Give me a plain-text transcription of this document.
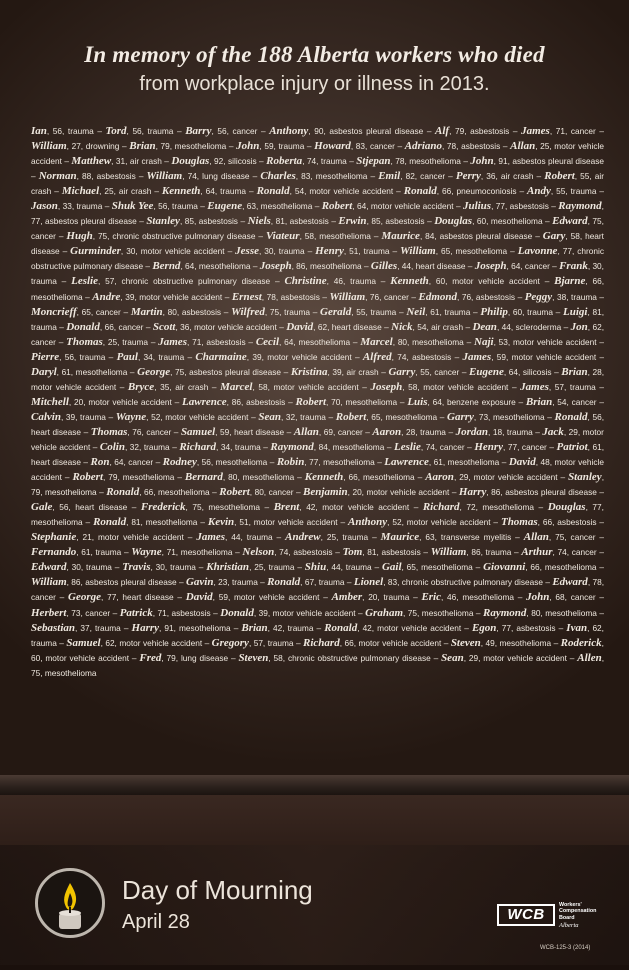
In memory of the 188 Alberta workers who died
from workplace injury or illness in 2013.
Ian, 56, trauma – Tord, 56, trauma – Barry, 56, cancer – Anthony, 90, asbestos pleural disease – Alf, 79, asbestosis – James, 71, cancer – William, 27, drowning – Brian, 79, mesothelioma – John, 59, trauma – Howard, 83, cancer – Adriano, 78, asbestosis – Allan, 25, motor vehicle accident – Matthew, 31, air crash – Douglas, 92, silicosis – Roberta, 74, trauma – Stjepan, 78, mesothelioma – John, 91, asbestos pleural disease – Norman, 88, asbestosis – William, 74, lung disease – Charles, 83, mesothelioma – Emil, 82, cancer – Perry, 36, air crash – Robert, 55, air crash – Michael, 25, air crash – Kenneth, 64, trauma – Ronald, 54, motor vehicle accident – Ronald, 66, pneumoconiosis – Andy, 55, trauma – Jason, 33, trauma – Shuk Yee, 56, trauma – Eugene, 63, mesothelioma – Robert, 64, motor vehicle accident – Julius, 77, asbestosis – Raymond, 77, asbestos pleural disease – Stanley, 85, asbestosis – Niels, 81, asbestosis – Erwin, 85, asbestosis – Douglas, 60, mesothelioma – Edward, 75, cancer – Hugh, 75, chronic obstructive pulmonary disease – Viateur, 58, mesothelioma – Maurice, 84, asbestos pleural disease – Gary, 58, heart disease – Gurminder, 30, motor vehicle accident – Jesse, 30, trauma – Henry, 51, trauma – William, 65, mesothelioma – Lavonne, 77, chronic obstructive pulmonary disease – Bernd, 64, mesothelioma – Joseph, 86, mesothelioma – Gilles, 44, heart disease – Joseph, 64, cancer – Frank, 30, trauma – Leslie, 57, chronic obstructive pulmonary disease – Christine, 46, trauma – Kenneth, 60, motor vehicle accident – Bjarne, 66, mesothelioma – Andre, 39, motor vehicle accident – Ernest, 78, asbestosis – William, 76, cancer – Edmond, 76, asbestosis – Peggy, 38, trauma – Moncrieff, 65, cancer – Martin, 80, asbestosis – Wilfred, 75, trauma – Gerald, 55, trauma – Neil, 61, trauma – Philip, 60, trauma – Luigi, 81, trauma – Donald, 66, cancer – Scott, 36, motor vehicle accident – David, 62, heart disease – Nick, 54, air crash – Dean, 44, scleroderma – Jon, 62, cancer – Thomas, 25, trauma – James, 71, asbestosis – Cecil, 64, mesothelioma – Marcel, 80, mesothelioma – Naji, 53, motor vehicle accident – Pierre, 56, trauma – Paul, 34, trauma – Charmaine, 39, motor vehicle accident – Alfred, 74, asbestosis – James, 59, motor vehicle accident – Daryl, 61, mesothelioma – George, 75, asbestos pleural disease – Kristina, 39, air crash – Garry, 55, cancer – Eugene, 64, silicosis – Brian, 28, motor vehicle accident – Bryce, 35, air crash – Marcel, 58, motor vehicle accident – Joseph, 58, motor vehicle accident – James, 57, trauma – Mitchell, 20, motor vehicle accident – Lawrence, 86, asbestosis – Robert, 70, mesothelioma – Luis, 64, benzene exposure – Brian, 54, cancer – Calvin, 39, trauma – Wayne, 52, motor vehicle accident – Sean, 32, trauma – Robert, 65, mesothelioma – Garry, 73, mesothelioma – Ronald, 56, heart disease – Thomas, 76, cancer – Samuel, 59, heart disease – Allan, 69, cancer – Aaron, 28, trauma – Jordan, 18, trauma – Jack, 29, motor vehicle accident – Colin, 32, trauma – Richard, 34, trauma – Raymond, 84, mesothelioma – Leslie, 74, cancer – Henry, 77, cancer – Patriot, 61, heart disease – Ron, 64, cancer – Rodney, 56, mesothelioma – Robin, 77, mesothelioma – Lawrence, 61, mesothelioma – David, 48, motor vehicle accident – Robert, 79, mesothelioma – Bernard, 80, mesothelioma – Kenneth, 66, mesothelioma – Aaron, 29, motor vehicle accident – Stanley, 79, mesothelioma – Ronald, 66, mesothelioma – Robert, 80, cancer – Benjamin, 20, motor vehicle accident – Harry, 86, asbestos pleural disease – Gale, 56, heart disease – Frederick, 75, mesothelioma – Brent, 42, motor vehicle accident – Richard, 72, mesothelioma – Douglas, 77, mesothelioma – Ronald, 81, mesothelioma – Kevin, 51, motor vehicle accident – Anthony, 52, motor vehicle accident – Thomas, 66, asbestosis – Stephanie, 21, motor vehicle accident – James, 44, trauma – Andrew, 25, trauma – Maurice, 63, transverse myelitis – Allan, 75, cancer – Fernando, 61, trauma – Wayne, 71, mesothelioma – Nelson, 74, asbestosis – Tom, 81, asbestosis – William, 86, trauma – Arthur, 74, cancer – Edward, 30, trauma – Travis, 30, trauma – Khristian, 25, trauma – Shiu, 44, trauma – Gail, 65, mesothelioma – Giovanni, 66, mesothelioma – William, 86, asbestos pleural disease – Gavin, 23, trauma – Ronald, 67, trauma – Lionel, 83, chronic obstructive pulmonary disease – Edward, 78, cancer – George, 77, heart disease – David, 59, motor vehicle accident – Amber, 20, trauma – Eric, 46, mesothelioma – John, 68, cancer – Herbert, 73, cancer – Patrick, 71, asbestosis – Donald, 39, motor vehicle accident – Graham, 75, mesothelioma – Raymond, 80, mesothelioma – Sebastian, 37, trauma – Harry, 91, mesothelioma – Brian, 42, trauma – Ronald, 42, motor vehicle accident – Egon, 77, asbestosis – Ivan, 62, trauma – Samuel, 62, motor vehicle accident – Gregory, 57, trauma – Richard, 66, motor vehicle accident – Steven, 49, mesothelioma – Roderick, 60, motor vehicle accident – Fred, 79, lung disease – Steven, 58, chronic obstructive pulmonary disease – Sean, 29, motor vehicle accident – Allen, 75, mesothelioma
Day of Mourning
April 28	WCB
Workers'
Compensation
Board
Alberta
WCB-125-3 (2014)
